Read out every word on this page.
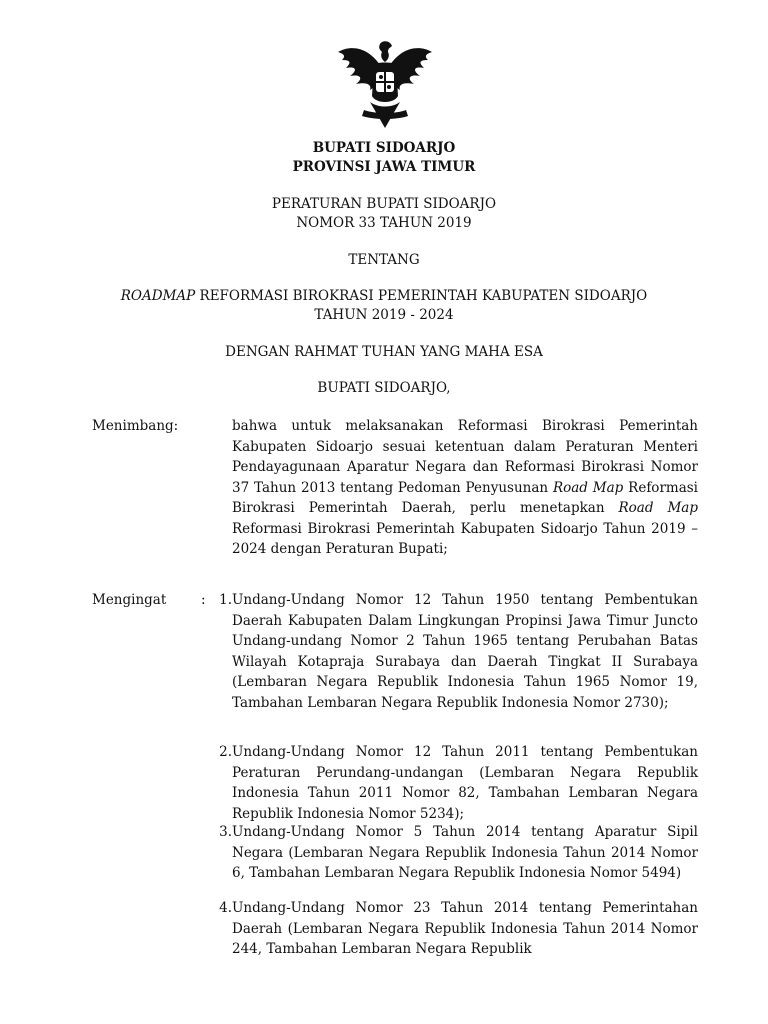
BUPATI SIDOARJO
PROVINSI JAWA TIMUR
PERATURAN BUPATI SIDOARJO
NOMOR 33 TAHUN 2019
TENTANG
ROADMAP REFORMASI BIROKRASI PEMERINTAH KABUPATEN SIDOARJO
TAHUN 2019 - 2024
DENGAN RAHMAT TUHAN YANG MAHA ESA
BUPATI SIDOARJO,
Menimbang:	bahwa untuk melaksanakan Reformasi Birokrasi Pemerintah Kabupaten Sidoarjo sesuai ketentuan dalam Peraturan Menteri Pendayagunaan Aparatur Negara dan Reformasi Birokrasi Nomor 37 Tahun 2013 tentang Pedoman Penyusunan Road Map Reformasi Birokrasi Pemerintah Daerah, perlu menetapkan Road Map Reformasi Birokrasi Pemerintah Kabupaten Sidoarjo Tahun 2019 – 2024 dengan Peraturan Bupati;
Mengingat	:	1. Undang-Undang Nomor 12 Tahun 1950 tentang Pembentukan Daerah Kabupaten Dalam Lingkungan Propinsi Jawa Timur Juncto Undang-undang Nomor 2 Tahun 1965 tentang Perubahan Batas Wilayah Kotapraja Surabaya dan Daerah Tingkat II Surabaya (Lembaran Negara Republik Indonesia Tahun 1965 Nomor 19, Tambahan Lembaran Negara Republik Indonesia Nomor 2730);
2. Undang-Undang Nomor 12 Tahun 2011 tentang Pembentukan Peraturan Perundang-undangan (Lembaran Negara Republik Indonesia Tahun 2011 Nomor 82, Tambahan Lembaran Negara Republik Indonesia Nomor 5234);
3. Undang-Undang Nomor 5 Tahun 2014 tentang Aparatur Sipil Negara (Lembaran Negara Republik Indonesia Tahun 2014 Nomor 6, Tambahan Lembaran Negara Republik Indonesia Nomor 5494)
4. Undang-Undang Nomor 23 Tahun 2014 tentang Pemerintahan Daerah (Lembaran Negara Republik Indonesia Tahun 2014 Nomor 244, Tambahan Lembaran Negara Republik
